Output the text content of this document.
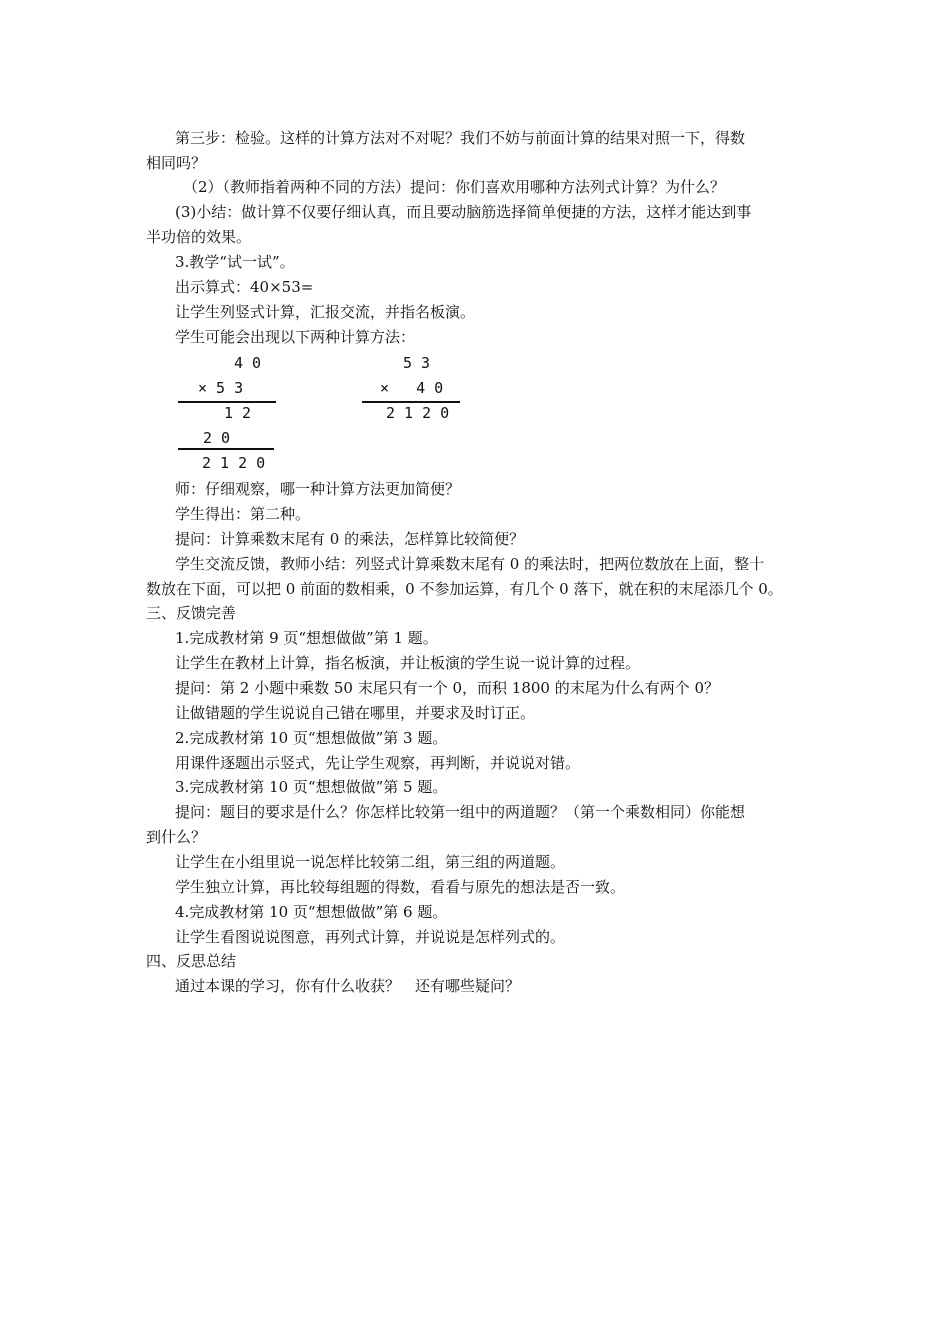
第三步：检验。这样的计算方法对不对呢？我们不妨与前面计算的结果对照一下，得数
相同吗？
（2）（教师指着两种不同的方法）提问：你们喜欢用哪种方法列式计算？为什么？
(3)小结：做计算不仅要仔细认真，而且要动脑筋选择简单便捷的方法，这样才能达到事
半功倍的效果。
3.教学“试一试”。
出示算式：40×53=
让学生列竖式计算，汇报交流，并指名板演。
学生可能会出现以下两种计算方法：
4 0
× 5 3
1 2
2 0
2 1 2 0
5 3
×   4 0
2 1 2 0
师：仔细观察，哪一种计算方法更加简便？
学生得出：第二种。
提问：计算乘数末尾有 0 的乘法，怎样算比较简便？
学生交流反馈，教师小结：列竖式计算乘数末尾有 0 的乘法时，把两位数放在上面，整十
数放在下面，可以把 0 前面的数相乘，0 不参加运算，有几个 0 落下，就在积的末尾添几个 0。
三、反馈完善
1.完成教材第 9 页“想想做做”第 1 题。
让学生在教材上计算，指名板演，并让板演的学生说一说计算的过程。
提问：第 2 小题中乘数 50 末尾只有一个 0，而积 1800 的末尾为什么有两个 0？
让做错题的学生说说自己错在哪里，并要求及时订正。
2.完成教材第 10 页“想想做做”第 3 题。
用课件逐题出示竖式，先让学生观察，再判断，并说说对错。
3.完成教材第 10 页“想想做做”第 5 题。
提问：题目的要求是什么？你怎样比较第一组中的两道题？（第一个乘数相同）你能想
到什么？
让学生在小组里说一说怎样比较第二组，第三组的两道题。
学生独立计算，再比较每组题的得数，看看与原先的想法是否一致。
4.完成教材第 10 页“想想做做”第 6 题。
让学生看图说说图意，再列式计算，并说说是怎样列式的。
四、反思总结
通过本课的学习，你有什么收获？　还有哪些疑问？
